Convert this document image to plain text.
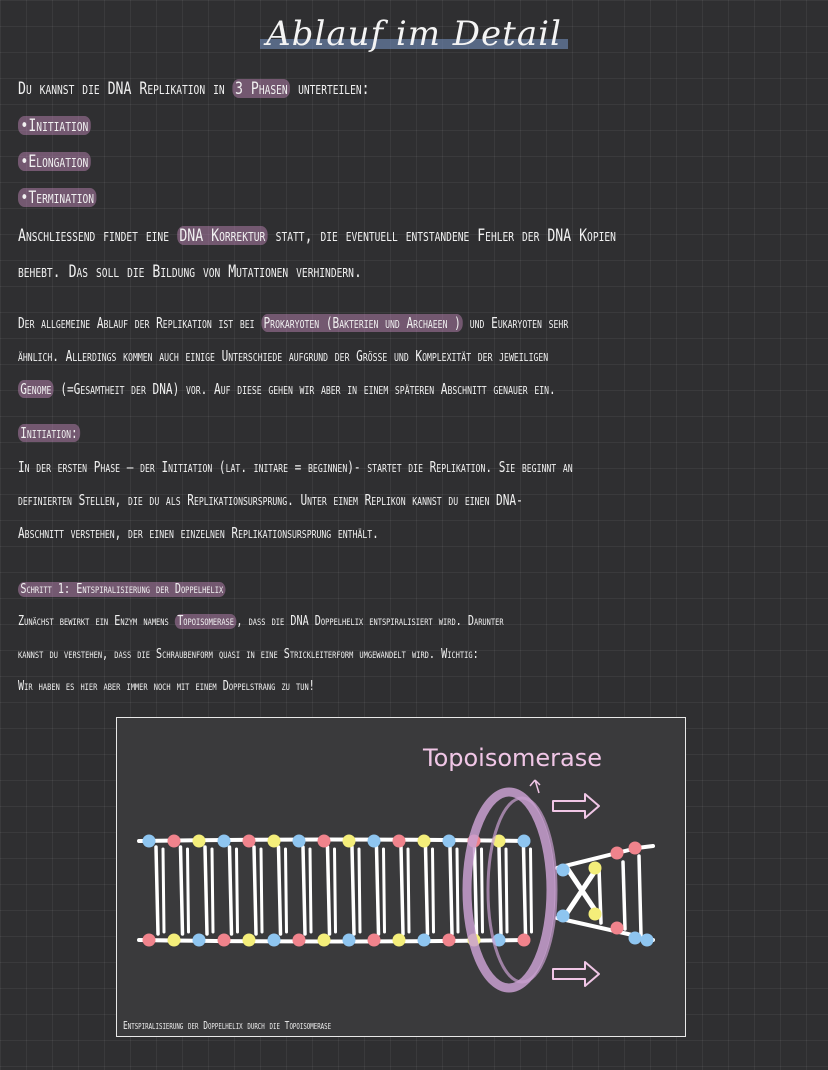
Ablauf im Detail
Du kannst die DNA Replikation in 3 Phasen unterteilen:
•Initiation
•Elongation
•Termination
Anschließend findet eine DNA Korrektur statt, die eventuell entstandene Fehler der DNA Kopien
behebt. Das soll die Bildung von Mutationen verhindern.
Der allgemeine Ablauf der Replikation ist bei Prokaryoten (Bakterien und Archaeen ) und Eukaryoten sehr
ähnlich. Allerdings kommen auch einige Unterschiede aufgrund der Größe und Komplexität der jeweiligen
Genome (=Gesamtheit der DNA) vor. Auf diese gehen wir aber in einem späteren Abschnitt genauer ein.
Initiation:
In der ersten Phase – der Initiation (lat. initare = beginnen)- startet die Replikation. Sie beginnt an
definierten Stellen, die du als Replikationsursprung. Unter einem Replikon kannst du einen DNA-
Abschnitt verstehen, der einen einzelnen Replikationsursprung enthält.
Schritt 1: Entspiralisierung der Doppelhelix
Zunächst bewirkt ein Enzym namens Topoisomerase , dass die DNA Doppelhelix entspiralisiert wird. Darunter
kannst du verstehen, dass die Schraubenform quasi in eine Strickleiterform umgewandelt wird. Wichtig:
Wir haben es hier aber immer noch mit einem Doppelstrang zu tun!
Topoisomerase
Entspiralisierung der Doppelhelix durch die Topoisomerase
